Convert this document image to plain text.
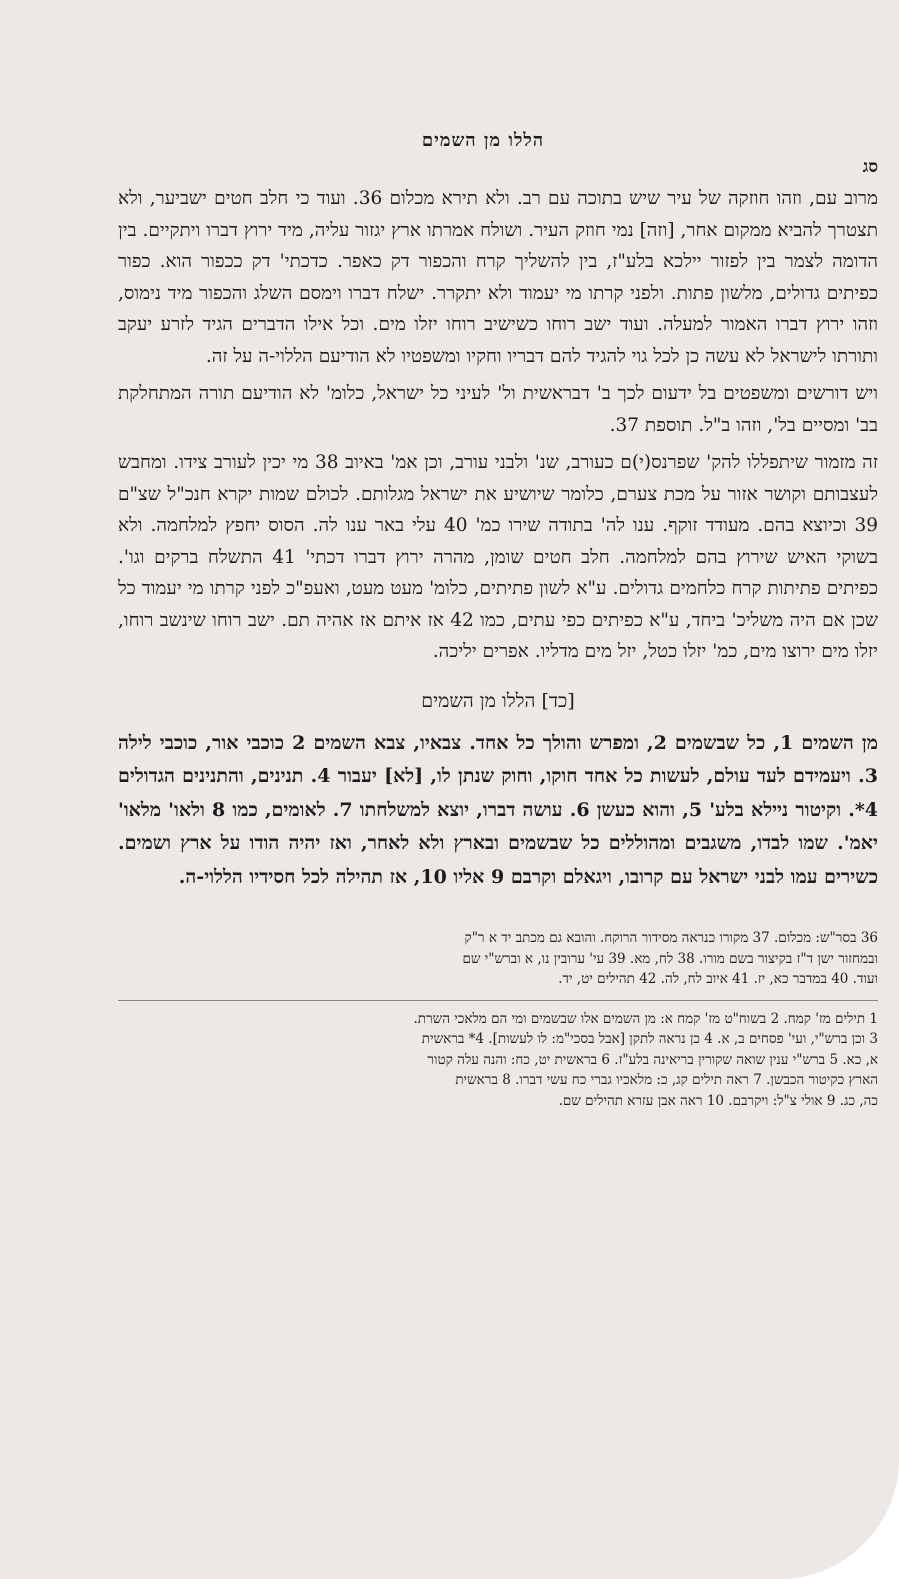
הללו מן השמים
סג

מרוב עם, וזהו חוזקה של עיר שיש בתוכה עם רב. ולא תירא מכלום 36. ועוד כי חלב חטים ישביער, ולא תצטרך להביא ממקום אחר, [וזה] נמי חוזק העיר. ושולח אמרתו ארץ יגזור עליה, מיד ירוץ דברו ויתקיים. בין הדומה לצמר בין לפזור יילכא בלע"ז, בין להשליך קרח והכפור דק כאפר. כדכתי' דק ככפור הוא. כפור כפיתים גדולים, מלשון פתות. ולפני קרתו מי יעמוד ולא יתקרר. ישלח דברו וימסם השלג והכפור מיד נימוס, וזהו ירוץ דברו האמור למעלה. ועוד ישב רוחו כשישיב רוחו יזלו מים. וכל אילו הדברים הגיד לזרע יעקב ותורתו לישראל לא עשה כן לכל גוי להגיד להם דבריו וחקיו ומשפטיו לא הודיעם הללוי-ה על זה.

ויש דורשים ומשפטים בל ידעום לכך ב' דבראשית ול' לעיני כל ישראל, כלומ' לא הודיעם תורה המתחלקת בב' ומסיים בל', וזהו ב"ל. תוספת 37.

זה מזמור שיתפללו להק' שפרנס(י)ם כעורב, שנ' ולבני עורב, וכן אמ' באיוב 38 מי יכין לעורב צידו. ומחבש לעצבותם וקושר אזור על מכת צערם, כלומר שיושיע את ישראל מגלותם. לכולם שמות יקרא חנכ"ל שצ"ם 39 וכיוצא בהם. מעודד זוקף. ענו לה' בתודה שירו כמ' 40 עלי באר ענו לה. הסוס יחפץ למלחמה. ולא בשוקי האיש שירוץ בהם למלחמה. חלב חטים שומן, מהרה ירוץ דברו דכתי' 41 התשלח ברקים וגו'. כפיתים פתיתות קרח כלחמים גדולים. ע"א לשון פתיתים, כלומ' מעט מעט, ואעפ"כ לפני קרתו מי יעמוד כל שכן אם היה משליכ' ביחד, ע"א כפיתים כפי עתים, כמו 42 אז איתם אז אהיה תם. ישב רוחו שינשב רוחו, יזלו מים ירוצו מים, כמ' יזלו כטל, יזל מים מדליו. אפרים יליכה.

[כד] הללו מן השמים

מן השמים 1, כל שבשמים 2, ומפרש והולך כל אחד. צבאיו, צבא השמים 2 כוכבי אור, כוכבי לילה 3. ויעמידם לעד עולם, לעשות כל אחד חוקו, וחוק שנתן לו, [לא] יעבור 4. תנינים, והתנינים הגדולים 4*. וקיטור ניילא בלע' 5, והוא כעשן 6. עושה דברו, יוצא למשלחתו 7. לאומים, כמו 8 ולאו' מלאו' יאמ'. שמו לבדו, משגבים ומהוללים כל שבשמים ובארץ ולא לאחר, ואז יהיה הודו על ארץ ושמים. כשירים עמו לבני ישראל עם קרובו, ויגאלם וקרבם 9 אליו 10, אז תהילה לכל חסידיו הללוי-ה.

36 בסר"ש: מכלום. 37 מקורו כנראה מסידור הרוקח. והובא גם מכתב יד א ר"ק
ובמחזור ישן ד"ז בקיצור בשם מורו. 38 לח, מא. 39 עי' ערובין נו, א וברש"י שם
ועוד. 40 במדבר כא, יז. 41 איוב לח, לה. 42 תהילים יט, יד.
1 תילים מז' קמח. 2 בשוח"ט מז' קמח א: מן השמים אלו שבשמים ומי הם מלאכי השרת.
3 וכן ברש"י, ועי' פסחים ב, א. 4 כן נראה לתקן [אבל בסכי"מ: לו לעשות]. 4* בראשית
א, כא. 5 ברש"י ענין שואה שקורין בריאינה בלע"ז. 6 בראשית יט, כח: והנה עלה קטור
הארץ כקיטור הכבשן. 7 ראה תילים קג, כ: מלאכיו גברי כח עשי דברו. 8 בראשית
כה, כג. 9 אולי צ"ל: ויקרבם. 10 ראה אבן עזרא תהילים שם.
